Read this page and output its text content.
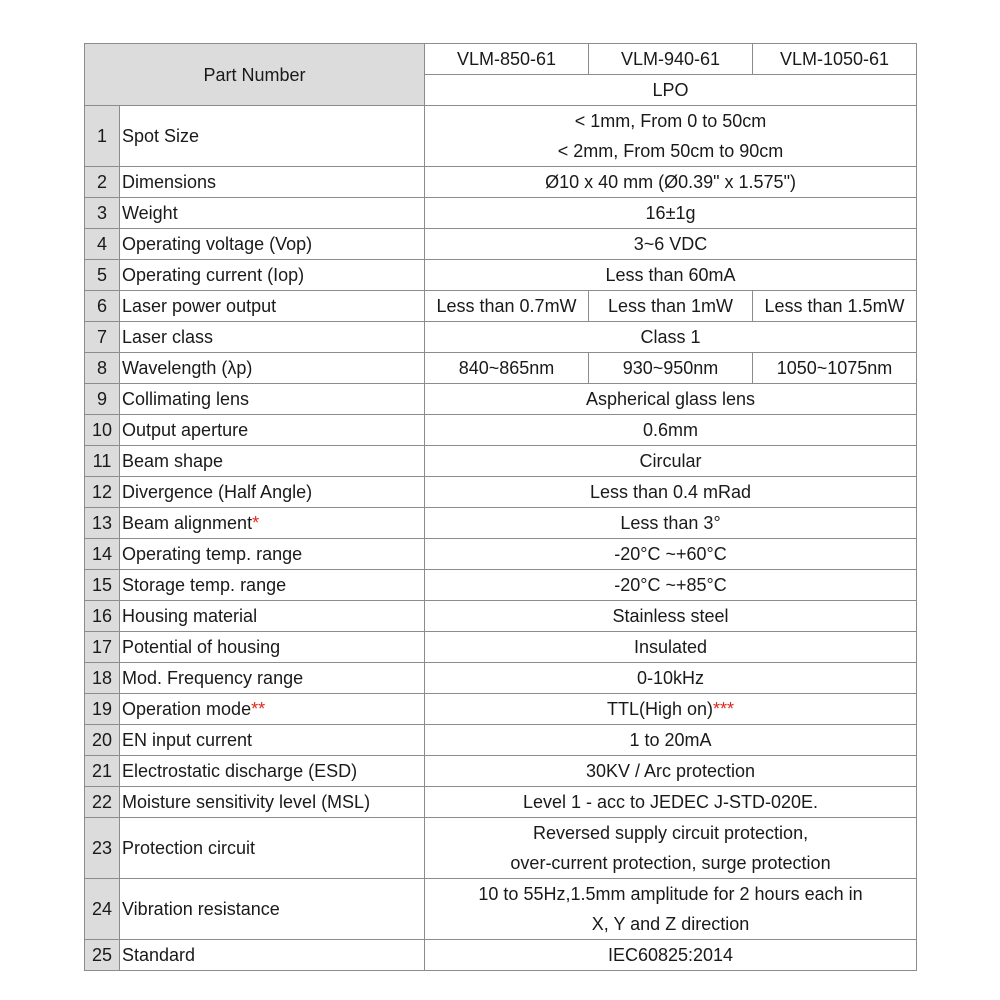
Part Number		VLM-850-61	VLM-940-61	VLM-1050-61
		LPO		
1	Spot Size	< 1mm, From 0 to 50cm
< 2mm, From 50cm to 90cm		

2	Dimensions	Ø10 x 40 mm (Ø0.39" x 1.575")		
3	Weight	16±1g		
4	Operating voltage (Vop)	3~6 VDC		
5	Operating current (Iop)	Less than 60mA		
6	Laser power output	Less than 0.7mW	Less than 1mW	Less than 1.5mW
7	Laser class	Class 1		
8	Wavelength (λp)	840~865nm	930~950nm	1050~1075nm
9	Collimating lens	Aspherical glass lens		
10	Output aperture	0.6mm		
11	Beam shape	Circular		
12	Divergence (Half Angle)	Less than 0.4 mRad		
13	Beam alignment*	Less than 3°		
14	Operating temp. range	-20°C ~+60°C		
15	Storage temp. range	-20°C ~+85°C		
16	Housing material	Stainless steel		
17	Potential of housing	Insulated		
18	Mod. Frequency range	0-10kHz		
19	Operation mode**	TTL(High on)***		
20	EN input current	1 to 20mA		
21	Electrostatic discharge (ESD)	30KV / Arc protection		
22	Moisture sensitivity level (MSL)	Level 1 - acc to JEDEC J-STD-020E.		
23	Protection circuit	Reversed supply circuit protection,
over-current protection, surge protection		

24	Vibration resistance	10 to 55Hz,1.5mm amplitude for 2 hours each in
X, Y and Z direction		

25	Standard	IEC60825:2014		
